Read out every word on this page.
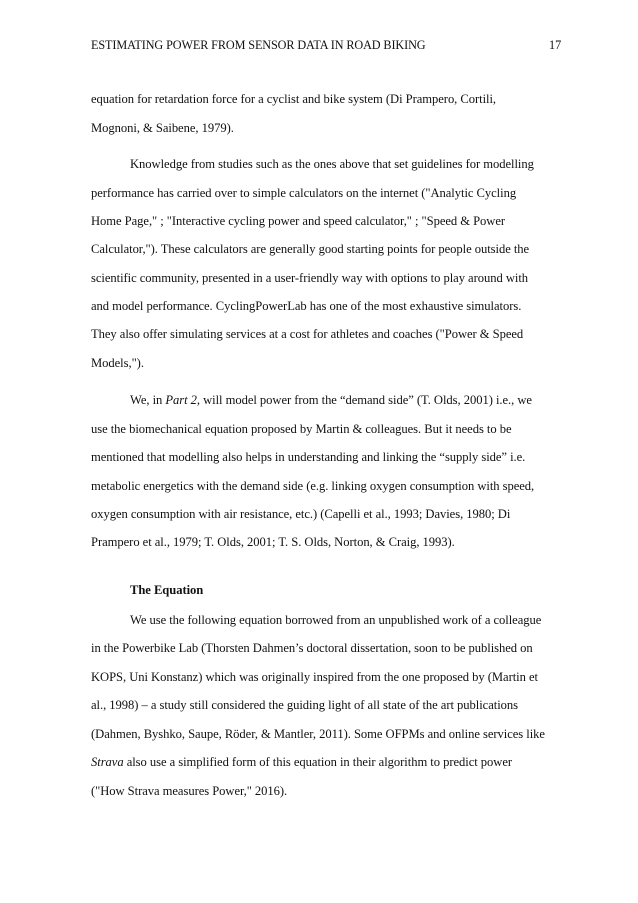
ESTIMATING POWER FROM SENSOR DATA IN ROAD BIKING	17
equation for retardation force for a cyclist and bike system (Di Prampero, Cortili,
Mognoni, & Saibene, 1979).
Knowledge from studies such as the ones above that set guidelines for modelling
performance has carried over to simple calculators on the internet ("Analytic Cycling
Home Page," ; "Interactive cycling power and speed calculator," ; "Speed & Power
Calculator,"). These calculators are generally good starting points for people outside the
scientific community, presented in a user-friendly way with options to play around with
and model performance. CyclingPowerLab has one of the most exhaustive simulators.
They also offer simulating services at a cost for athletes and coaches ("Power & Speed
Models,").
We, in Part 2, will model power from the “demand side” (T. Olds, 2001) i.e., we
use the biomechanical equation proposed by Martin & colleagues. But it needs to be
mentioned that modelling also helps in understanding and linking the “supply side” i.e.
metabolic energetics with the demand side (e.g. linking oxygen consumption with speed,
oxygen consumption with air resistance, etc.) (Capelli et al., 1993; Davies, 1980; Di
Prampero et al., 1979; T. Olds, 2001; T. S. Olds, Norton, & Craig, 1993).
The Equation
We use the following equation borrowed from an unpublished work of a colleague
in the Powerbike Lab (Thorsten Dahmen’s doctoral dissertation, soon to be published on
KOPS, Uni Konstanz) which was originally inspired from the one proposed by (Martin et
al., 1998) – a study still considered the guiding light of all state of the art publications
(Dahmen, Byshko, Saupe, Röder, & Mantler, 2011). Some OFPMs and online services like
Strava also use a simplified form of this equation in their algorithm to predict power
("How Strava measures Power," 2016).
